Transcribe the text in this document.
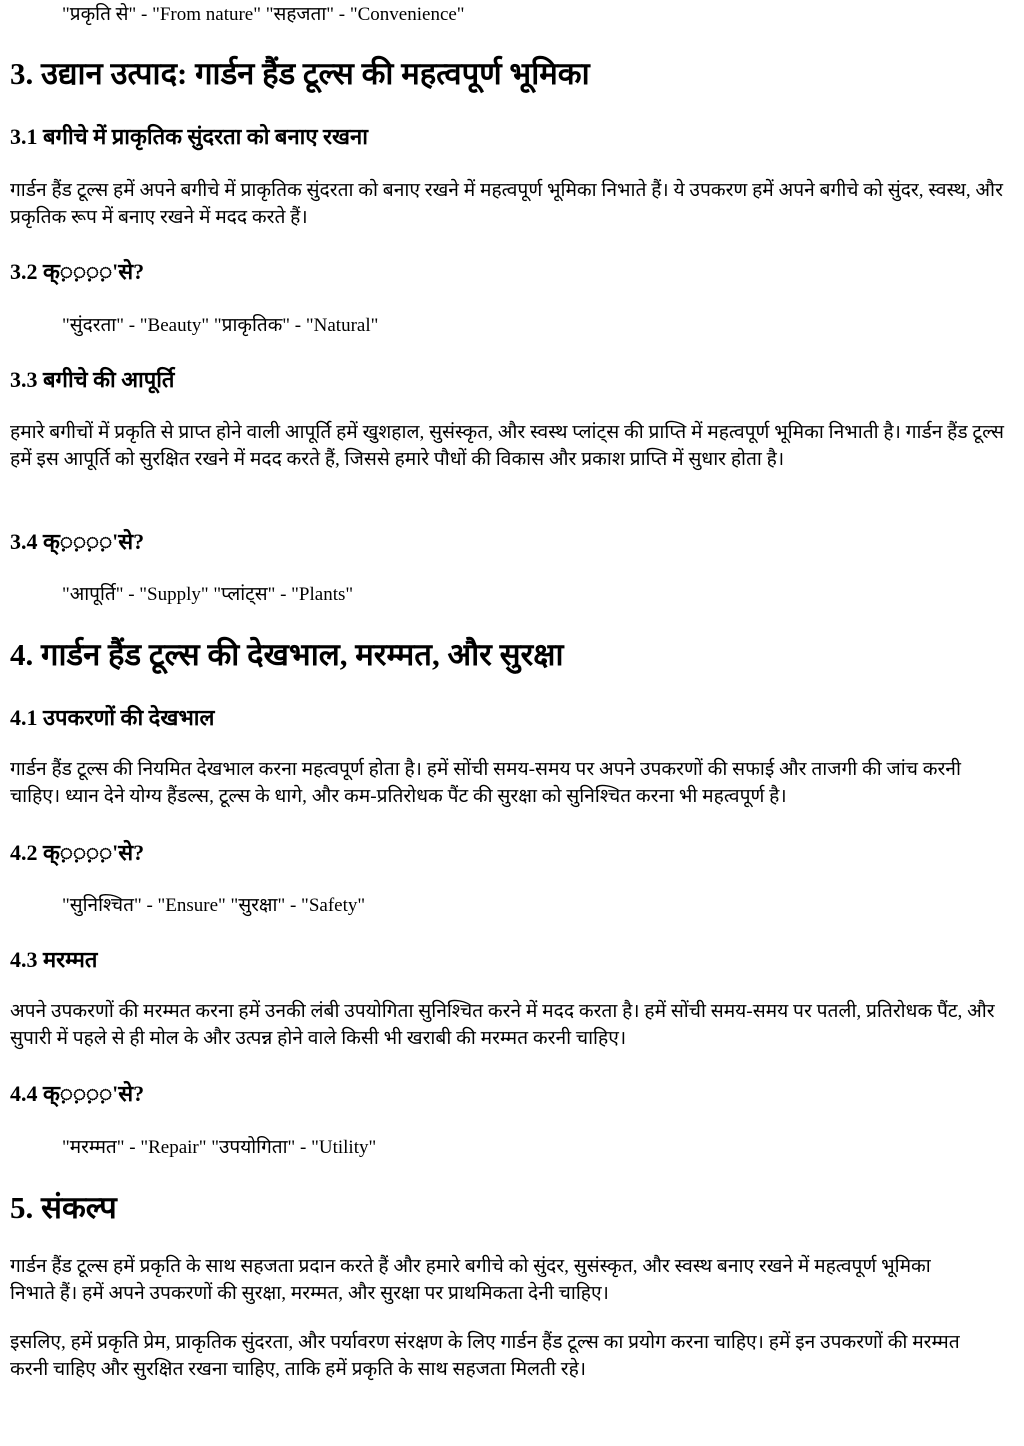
"प्रकृति से" - "From nature" "सहजता" - "Convenience"
3. उद्यान उत्पाद: गार्डन हैंड टूल्स की महत्वपूर्ण भूमिका
3.1 बगीचे में प्राकृतिक सुंदरता को बनाए रखना

गार्डन हैंड टूल्स हमें अपने बगीचे में प्राकृतिक सुंदरता को बनाए रखने में महत्वपूर्ण भूमिका निभाते हैं। ये उपकरण हमें अपने बगीचे को सुंदर, स्वस्थ, और प्रकृतिक रूप में बनाए रखने में मदद करते हैं।

3.2 क्◌़◌़◌़◌़'से?
"सुंदरता" - "Beauty" "प्राकृतिक" - "Natural"
3.3 बगीचे की आपूर्ति

हमारे बगीचों में प्रकृति से प्राप्त होने वाली आपूर्ति हमें खुशहाल, सुसंस्कृत, और स्वस्थ प्लांट्स की प्राप्ति में महत्वपूर्ण भूमिका निभाती है। गार्डन हैंड टूल्स हमें इस आपूर्ति को सुरक्षित रखने में मदद करते हैं, जिससे हमारे पौधों की विकास और प्रकाश प्राप्ति में सुधार होता है।

3.4 क्◌़◌़◌़◌़'से?
"आपूर्ति" - "Supply" "प्लांट्स" - "Plants"
4. गार्डन हैंड टूल्स की देखभाल, मरम्मत, और सुरक्षा
4.1 उपकरणों की देखभाल

गार्डन हैंड टूल्स की नियमित देखभाल करना महत्वपूर्ण होता है। हमें सोंची समय-समय पर अपने उपकरणों की सफाई और ताजगी की जांच करनी चाहिए। ध्यान देने योग्य हैंडल्स, टूल्स के धागे, और कम-प्रतिरोधक पैंट की सुरक्षा को सुनिश्चित करना भी महत्वपूर्ण है।

4.2 क्◌़◌़◌़◌़'से?
"सुनिश्चित" - "Ensure" "सुरक्षा" - "Safety"
4.3 मरम्मत

अपने उपकरणों की मरम्मत करना हमें उनकी लंबी उपयोगिता सुनिश्चित करने में मदद करता है। हमें सोंची समय-समय पर पतली, प्रतिरोधक पैंट, और सुपारी में पहले से ही मोल के और उत्पन्न होने वाले किसी भी खराबी की मरम्मत करनी चाहिए।

4.4 क्◌़◌़◌़◌़'से?
"मरम्मत" - "Repair" "उपयोगिता" - "Utility"
5. संकल्प

गार्डन हैंड टूल्स हमें प्रकृति के साथ सहजता प्रदान करते हैं और हमारे बगीचे को सुंदर, सुसंस्कृत, और स्वस्थ बनाए रखने में महत्वपूर्ण भूमिका निभाते हैं। हमें अपने उपकरणों की सुरक्षा, मरम्मत, और सुरक्षा पर प्राथमिकता देनी चाहिए।

इसलिए, हमें प्रकृति प्रेम, प्राकृतिक सुंदरता, और पर्यावरण संरक्षण के लिए गार्डन हैंड टूल्स का प्रयोग करना चाहिए। हमें इन उपकरणों की मरम्मत करनी चाहिए और सुरक्षित रखना चाहिए, ताकि हमें प्रकृति के साथ सहजता मिलती रहे।
